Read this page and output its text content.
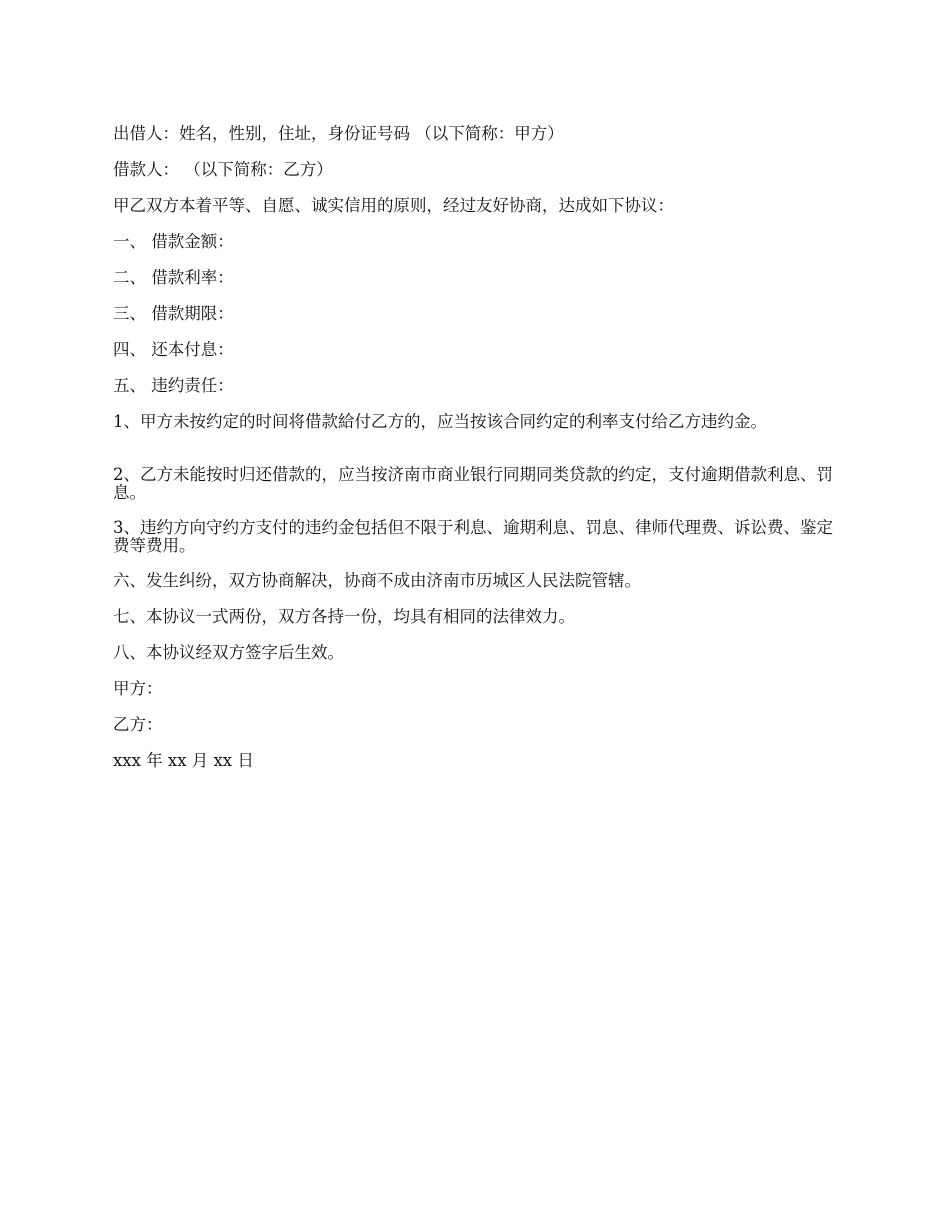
出借人：姓名，性别，住址，身份证号码 （以下简称：甲方）

借款人： （以下简称：乙方）

甲乙双方本着平等、自愿、诚实信用的原则，经过友好协商，达成如下协议：

一、 借款金额：

二、 借款利率：

三、 借款期限：

四、 还本付息：

五、 违约责任：

1、甲方未按约定的时间将借款給付乙方的，应当按该合同约定的利率支付给乙方违约金。

2、乙方未能按时归还借款的，应当按济南市商业银行同期同类贷款的约定，支付逾期借款利息、罚息。

3、违约方向守约方支付的违约金包括但不限于利息、逾期利息、罚息、律师代理费、诉讼费、鉴定费等费用。

六、发生纠纷，双方协商解决，协商不成由济南市历城区人民法院管辖。

七、本协议一式两份，双方各持一份，均具有相同的法律效力。

八、本协议经双方签字后生效。

甲方：

乙方：

xxx 年 xx 月 xx 日
